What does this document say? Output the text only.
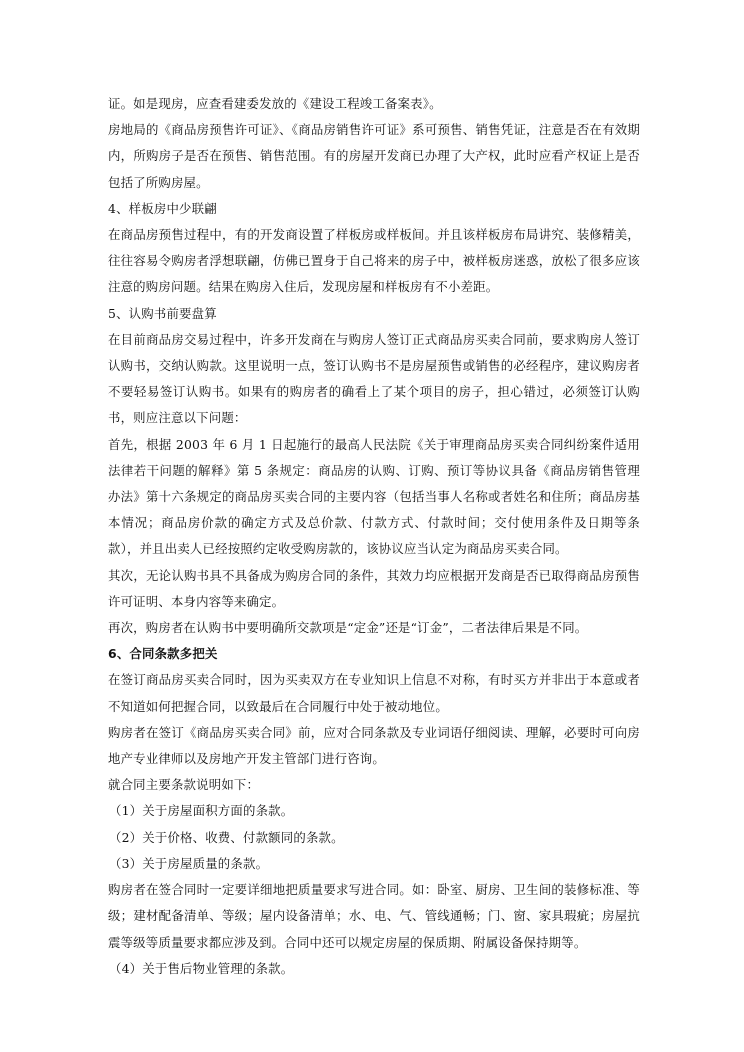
证。如是现房，应查看建委发放的《建设工程竣工备案表》。

房地局的《商品房预售许可证》、《商品房销售许可证》系可预售、销售凭证，注意是否在有效期内，所购房子是否在预售、销售范围。有的房屋开发商已办理了大产权，此时应看产权证上是否包括了所购房屋。

4、样板房中少联翩

在商品房预售过程中，有的开发商设置了样板房或样板间。并且该样板房布局讲究、装修精美，往往容易令购房者浮想联翩，仿佛已置身于自己将来的房子中，被样板房迷惑，放松了很多应该注意的购房问题。结果在购房入住后，发现房屋和样板房有不小差距。

5、认购书前要盘算

在目前商品房交易过程中，许多开发商在与购房人签订正式商品房买卖合同前，要求购房人签订认购书，交纳认购款。这里说明一点，签订认购书不是房屋预售或销售的必经程序，建议购房者不要轻易签订认购书。如果有的购房者的确看上了某个项目的房子，担心错过，必须签订认购书，则应注意以下问题：

首先，根据 2003 年 6 月 1 日起施行的最高人民法院《关于审理商品房买卖合同纠纷案件适用法律若干问题的解释》第 5 条规定：商品房的认购、订购、预订等协议具备《商品房销售管理办法》第十六条规定的商品房买卖合同的主要内容（包括当事人名称或者姓名和住所；商品房基本情况；商品房价款的确定方式及总价款、付款方式、付款时间；交付使用条件及日期等条款），并且出卖人已经按照约定收受购房款的，该协议应当认定为商品房买卖合同。

其次，无论认购书具不具备成为购房合同的条件，其效力均应根据开发商是否已取得商品房预售许可证明、本身内容等来确定。

再次，购房者在认购书中要明确所交款项是“定金”还是“订金”，二者法律后果是不同。

6、合同条款多把关

在签订商品房买卖合同时，因为买卖双方在专业知识上信息不对称，有时买方并非出于本意或者不知道如何把握合同，以致最后在合同履行中处于被动地位。

购房者在签订《商品房买卖合同》前，应对合同条款及专业词语仔细阅读、理解，必要时可向房地产专业律师以及房地产开发主管部门进行咨询。

就合同主要条款说明如下：

（1）关于房屋面积方面的条款。

（2）关于价格、收费、付款额同的条款。

（3）关于房屋质量的条款。

购房者在签合同时一定要详细地把质量要求写进合同。如：卧室、厨房、卫生间的装修标准、等级；建材配备清单、等级；屋内设备清单；水、电、气、管线通畅；门、窗、家具瑕疵；房屋抗震等级等质量要求都应涉及到。合同中还可以规定房屋的保质期、附属设备保持期等。

（4）关于售后物业管理的条款。
